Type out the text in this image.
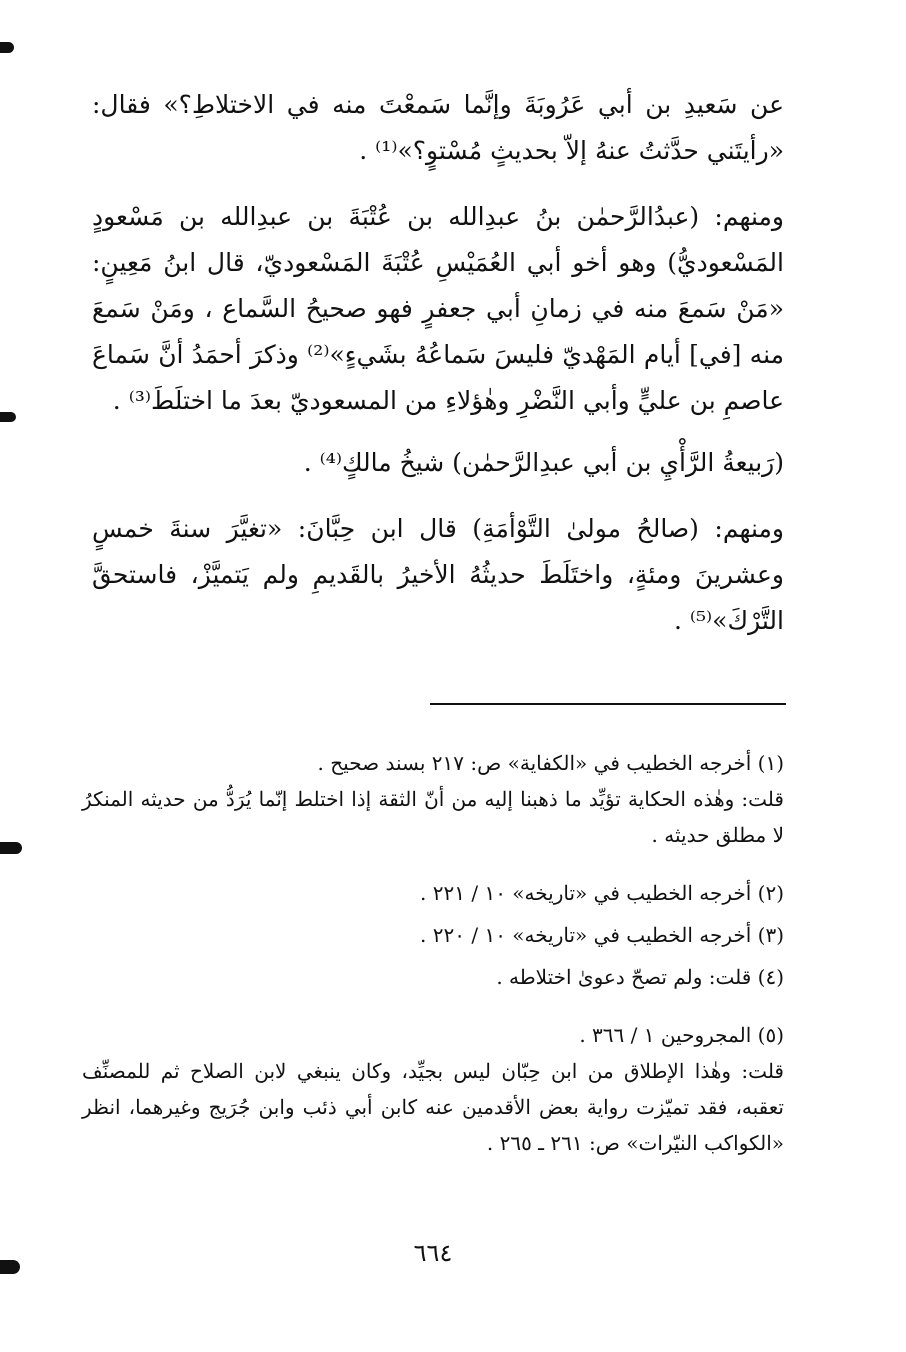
عن سَعيدِ بن أبي عَرُوبَةَ وإنَّما سَمعْتَ منه في الاختلاطِ؟» فقال: «رأيتَني حدَّثتُ عنهُ إلاّ بحديثٍ مُسْتوٍ؟»⁽¹⁾ .

ومنهم: (عبدُالرَّحمٰن بنُ عبدِالله بن عُتْبَةَ بن عبدِالله بن مَسْعودٍ المَسْعوديُّ) وهو أخو أبي العُمَيْسِ عُتْبَةَ المَسْعوديّ، قال ابنُ مَعِينٍ: «مَنْ سَمعَ منه في زمانِ أبي جعفرٍ فهو صحيحُ السَّماع ، ومَنْ سَمعَ منه [في] أيام المَهْديّ فليسَ سَماعُهُ بشَيءٍ»⁽²⁾ وذكرَ أحمَدُ أنَّ سَماعَ عاصمِ بن عليٍّ وأبي النَّضْرِ وهٰؤلاءِ من المسعوديّ بعدَ ما اختلَطَ⁽³⁾ .

(رَبيعةُ الرَّأْيِ بن أبي عبدِالرَّحمٰن) شيخُ مالكٍ⁽⁴⁾ .

ومنهم: (صالحُ مولىٰ التَّوْأمَةِ) قال ابن حِبَّانَ: «تغيَّرَ سنةَ خمسٍ وعشرينَ ومئةٍ، واختَلَطَ حديثُهُ الأخيرُ بالقَديمِ ولم يَتميَّزْ، فاستحقَّ التَّرْكَ»⁽⁵⁾ .

(١) أخرجه الخطيب في «الكفاية» ص: ٢١٧ بسند صحيح .

قلت: وهٰذه الحكاية تؤيِّد ما ذهبنا إليه من أنّ الثقة إذا اختلط إنّما يُرَدُّ من حديثه المنكرُ لا مطلق حديثه .

(٢) أخرجه الخطيب في «تاريخه» ١٠ / ٢٢١ .
(٣) أخرجه الخطيب في «تاريخه» ١٠ / ٢٢٠ .
(٤) قلت: ولم تصحّ دعوىٰ اختلاطه .

(٥) المجروحين ١ / ٣٦٦ .

قلت: وهٰذا الإطلاق من ابن حِبّان ليس بجيِّد، وكان ينبغي لابن الصلاح ثم للمصنِّف تعقبه، فقد تميّزت رواية بعض الأقدمين عنه كابن أبي ذئب وابن جُرَيج وغيرهما، انظر «الكواكب النيّرات» ص: ٢٦١ ـ ٢٦٥ .

٦٦٤
